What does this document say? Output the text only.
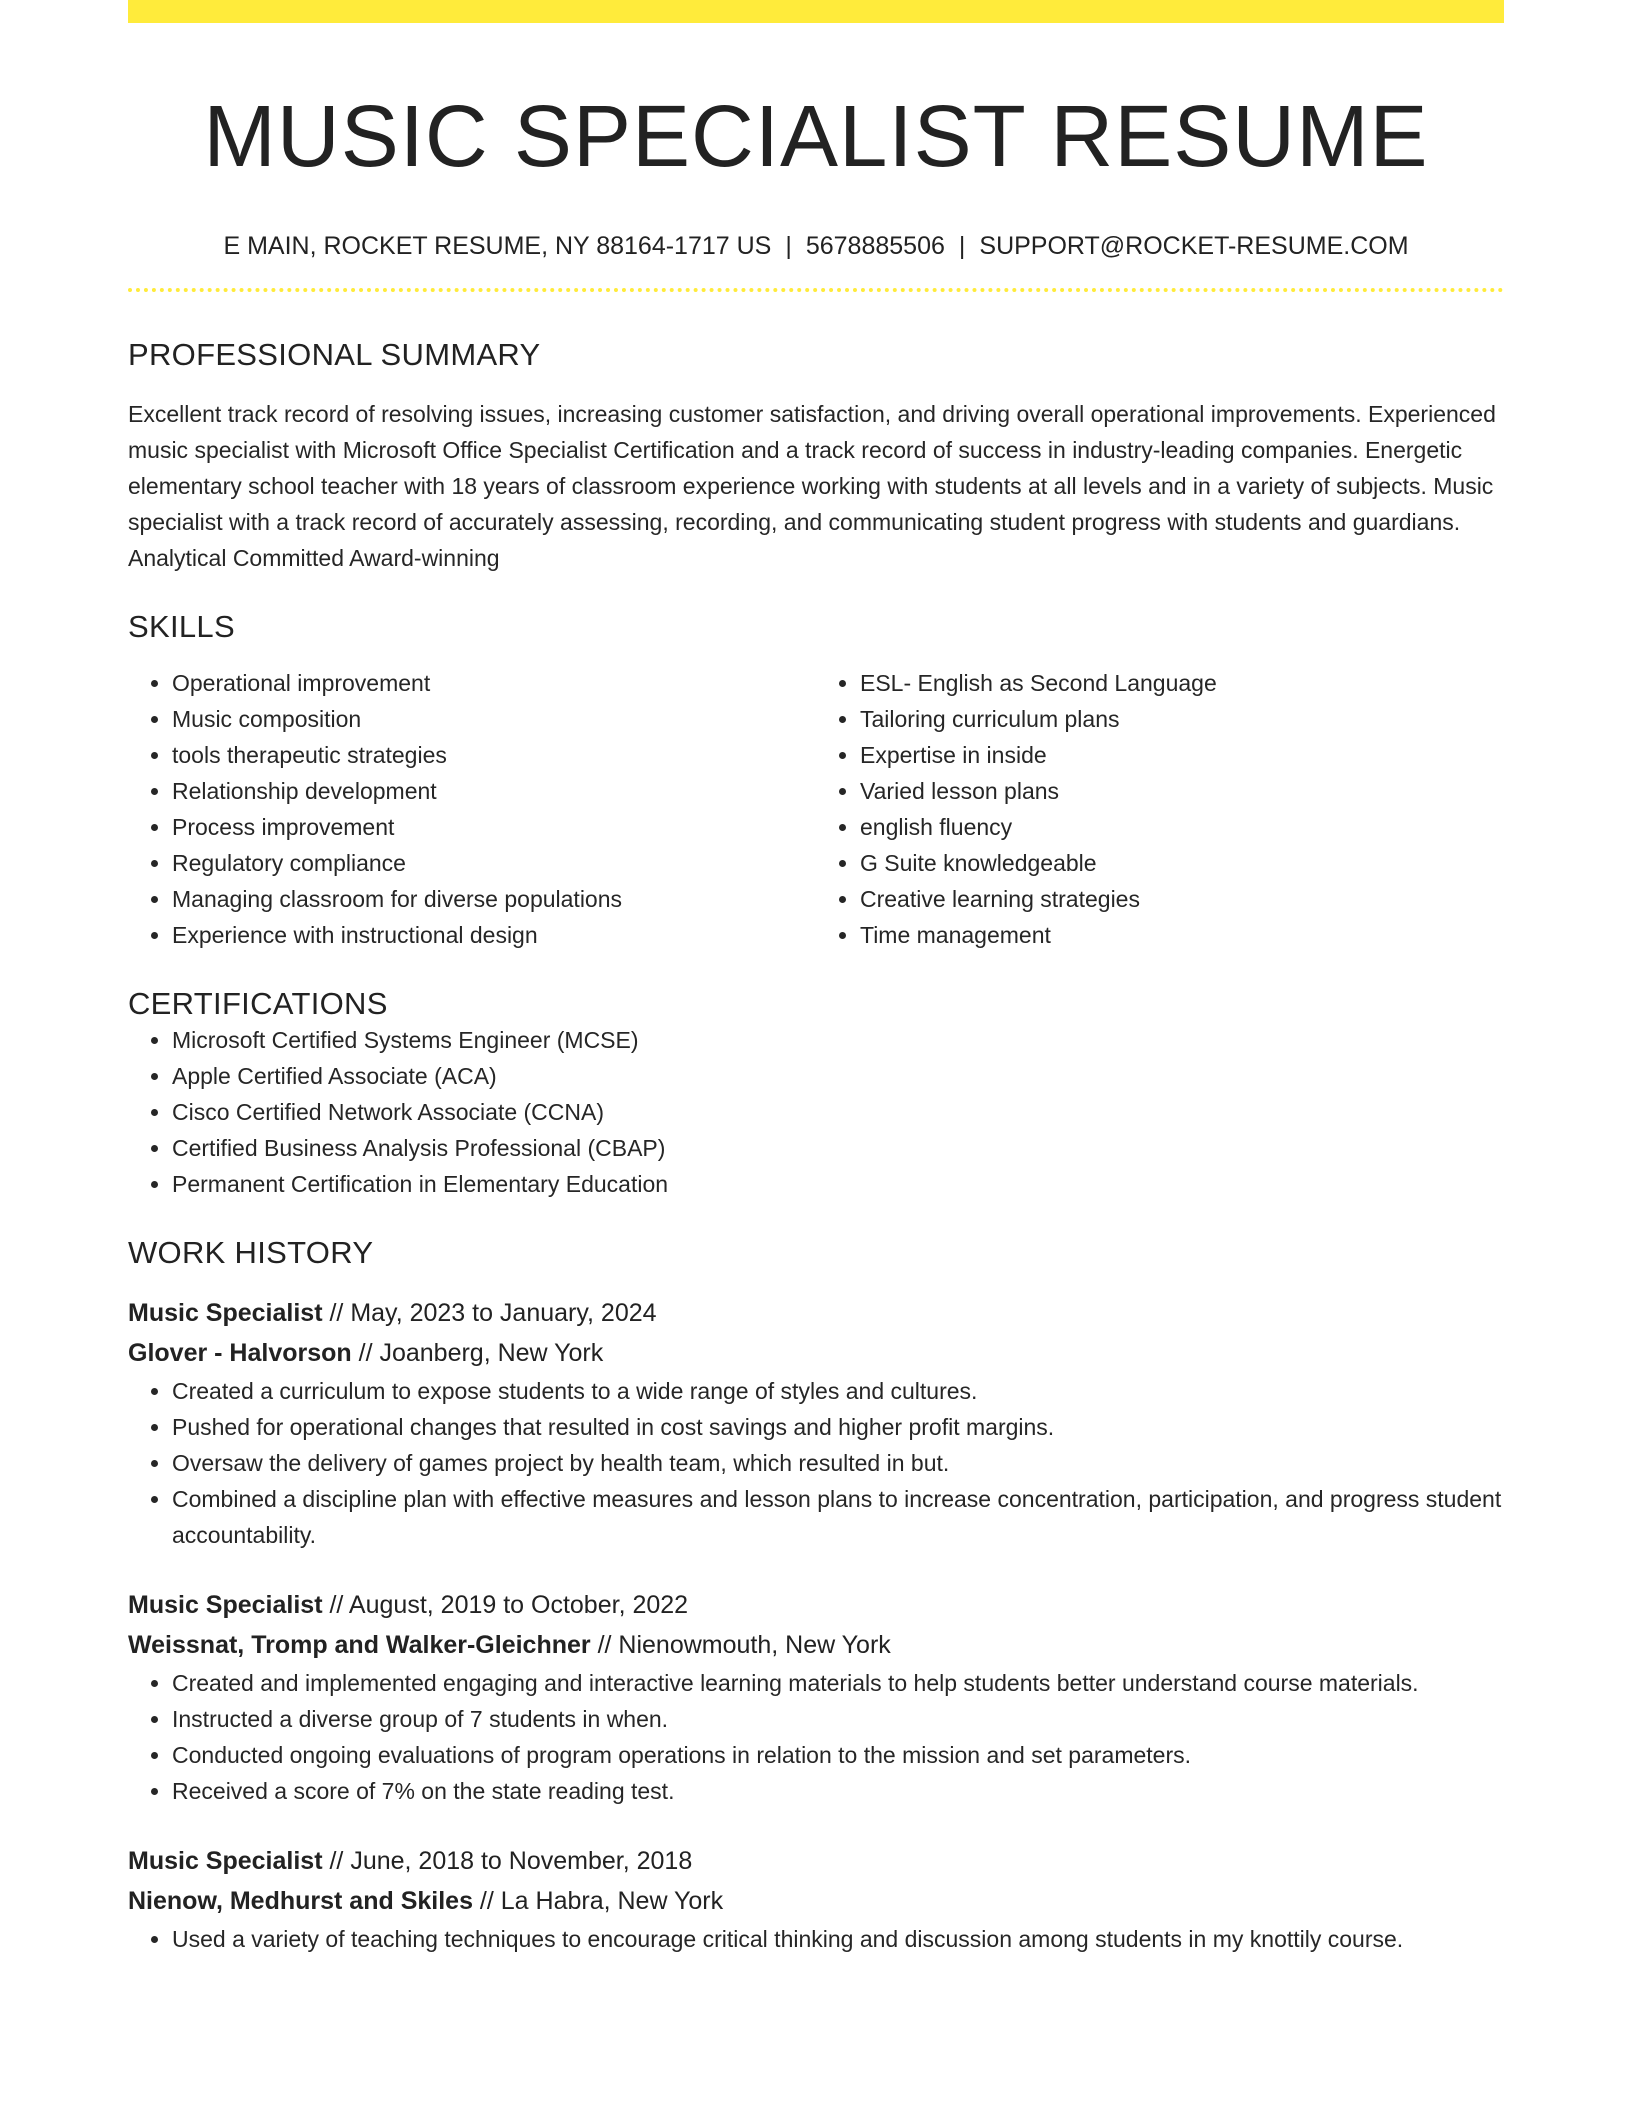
MUSIC SPECIALIST RESUME
E MAIN, ROCKET RESUME, NY 88164-1717 US | 5678885506 | SUPPORT@ROCKET-RESUME.COM
PROFESSIONAL SUMMARY

Excellent track record of resolving issues, increasing customer satisfaction, and driving overall operational improvements. Experienced music specialist with Microsoft Office Specialist Certification and a track record of success in industry-leading companies. Energetic elementary school teacher with 18 years of classroom experience working with students at all levels and in a variety of subjects. Music specialist with a track record of accurately assessing, recording, and communicating student progress with students and guardians. Analytical Committed Award-winning

SKILLS
• Operational improvement
• Music composition
• tools therapeutic strategies
• Relationship development
• Process improvement
• Regulatory compliance
• Managing classroom for diverse populations
• Experience with instructional design
• ESL- English as Second Language
• Tailoring curriculum plans
• Expertise in inside
• Varied lesson plans
• english fluency
• G Suite knowledgeable
• Creative learning strategies
• Time management
CERTIFICATIONS
• Microsoft Certified Systems Engineer (MCSE)
• Apple Certified Associate (ACA)
• Cisco Certified Network Associate (CCNA)
• Certified Business Analysis Professional (CBAP)
• Permanent Certification in Elementary Education
WORK HISTORY
Music Specialist // May, 2023 to January, 2024
Glover - Halvorson // Joanberg, New York
• Created a curriculum to expose students to a wide range of styles and cultures.
• Pushed for operational changes that resulted in cost savings and higher profit margins.
• Oversaw the delivery of games project by health team, which resulted in but.
• Combined a discipline plan with effective measures and lesson plans to increase concentration, participation, and progress student accountability.
Music Specialist // August, 2019 to October, 2022
Weissnat, Tromp and Walker-Gleichner // Nienowmouth, New York
• Created and implemented engaging and interactive learning materials to help students better understand course materials.
• Instructed a diverse group of 7 students in when.
• Conducted ongoing evaluations of program operations in relation to the mission and set parameters.
• Received a score of 7% on the state reading test.
Music Specialist // June, 2018 to November, 2018
Nienow, Medhurst and Skiles // La Habra, New York
• Used a variety of teaching techniques to encourage critical thinking and discussion among students in my knottily course.
